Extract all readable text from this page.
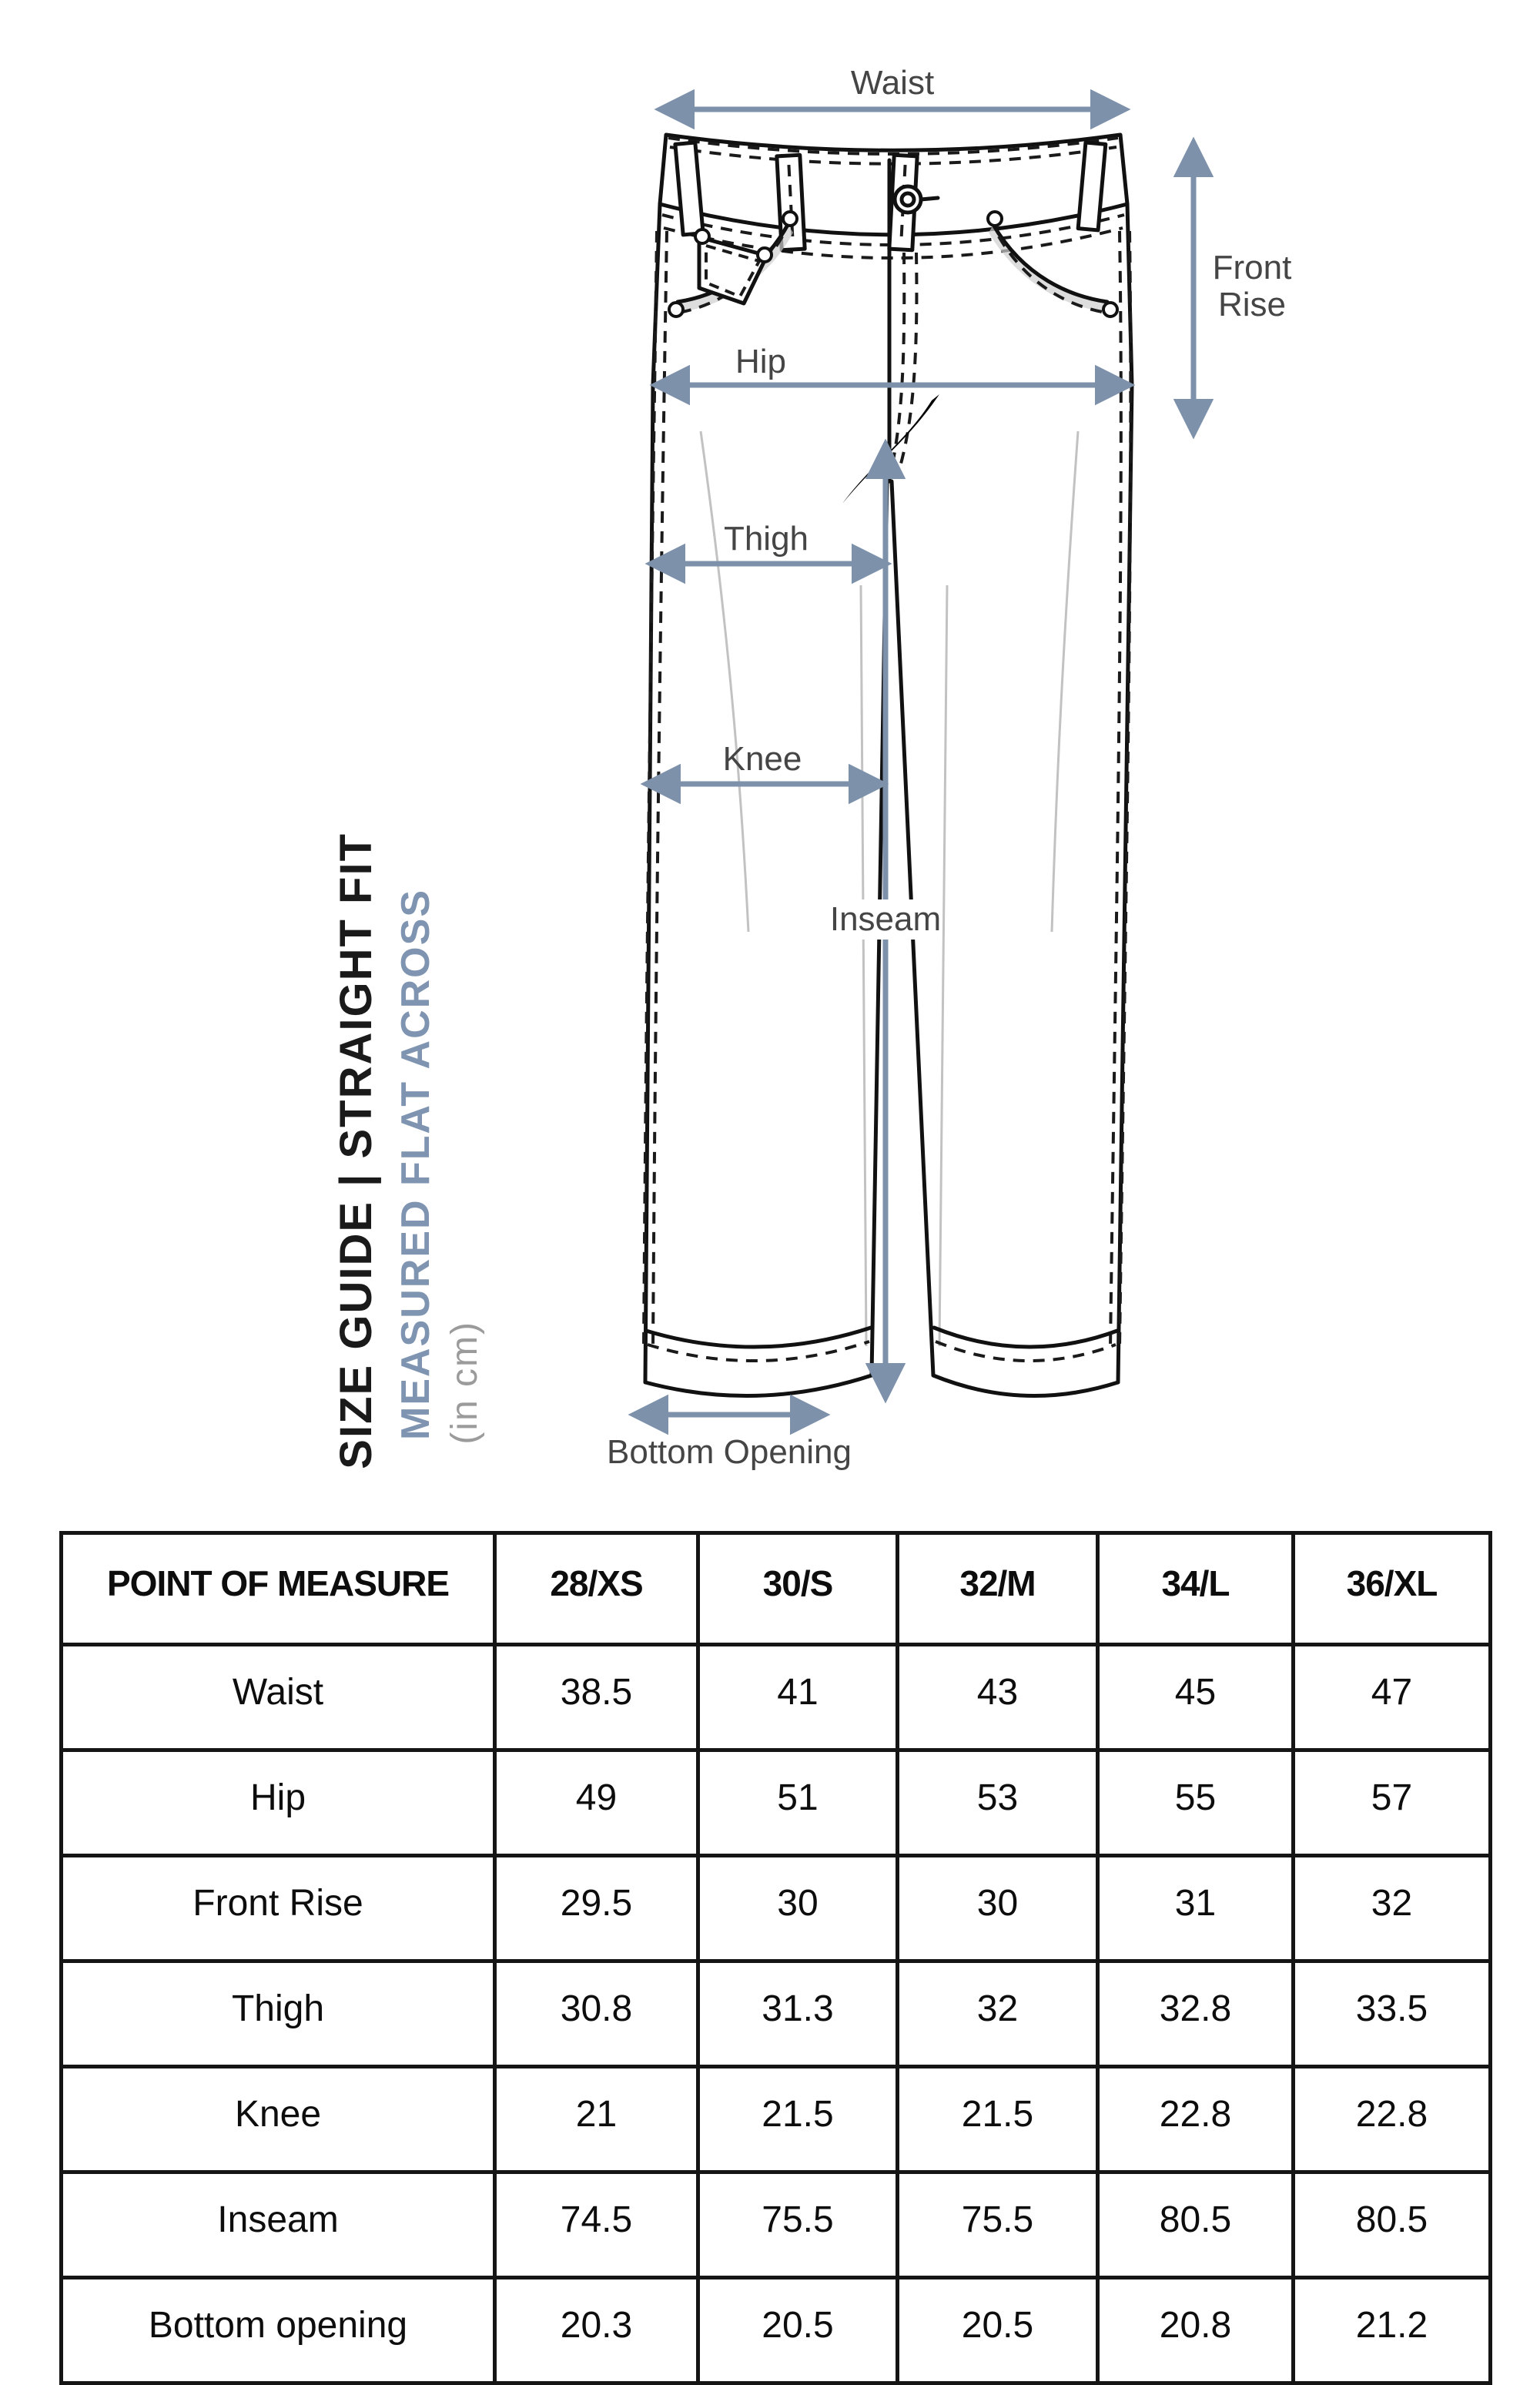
SIZE GUIDE | STRAIGHT FIT MEASURED FLAT ACROSS (in cm)
Waist
Front
Rise
Hip
Thigh
Knee
Inseam
Bottom Opening
POINT OF MEASURE	28/XS	30/S	32/M	34/L	36/XL
Waist	38.5	41	43	45	47
Hip	49	51	53	55	57
Front Rise	29.5	30	30	31	32
Thigh	30.8	31.3	32	32.8	33.5
Knee	21	21.5	21.5	22.8	22.8
Inseam	74.5	75.5	75.5	80.5	80.5
Bottom opening	20.3	20.5	20.5	20.8	21.2
